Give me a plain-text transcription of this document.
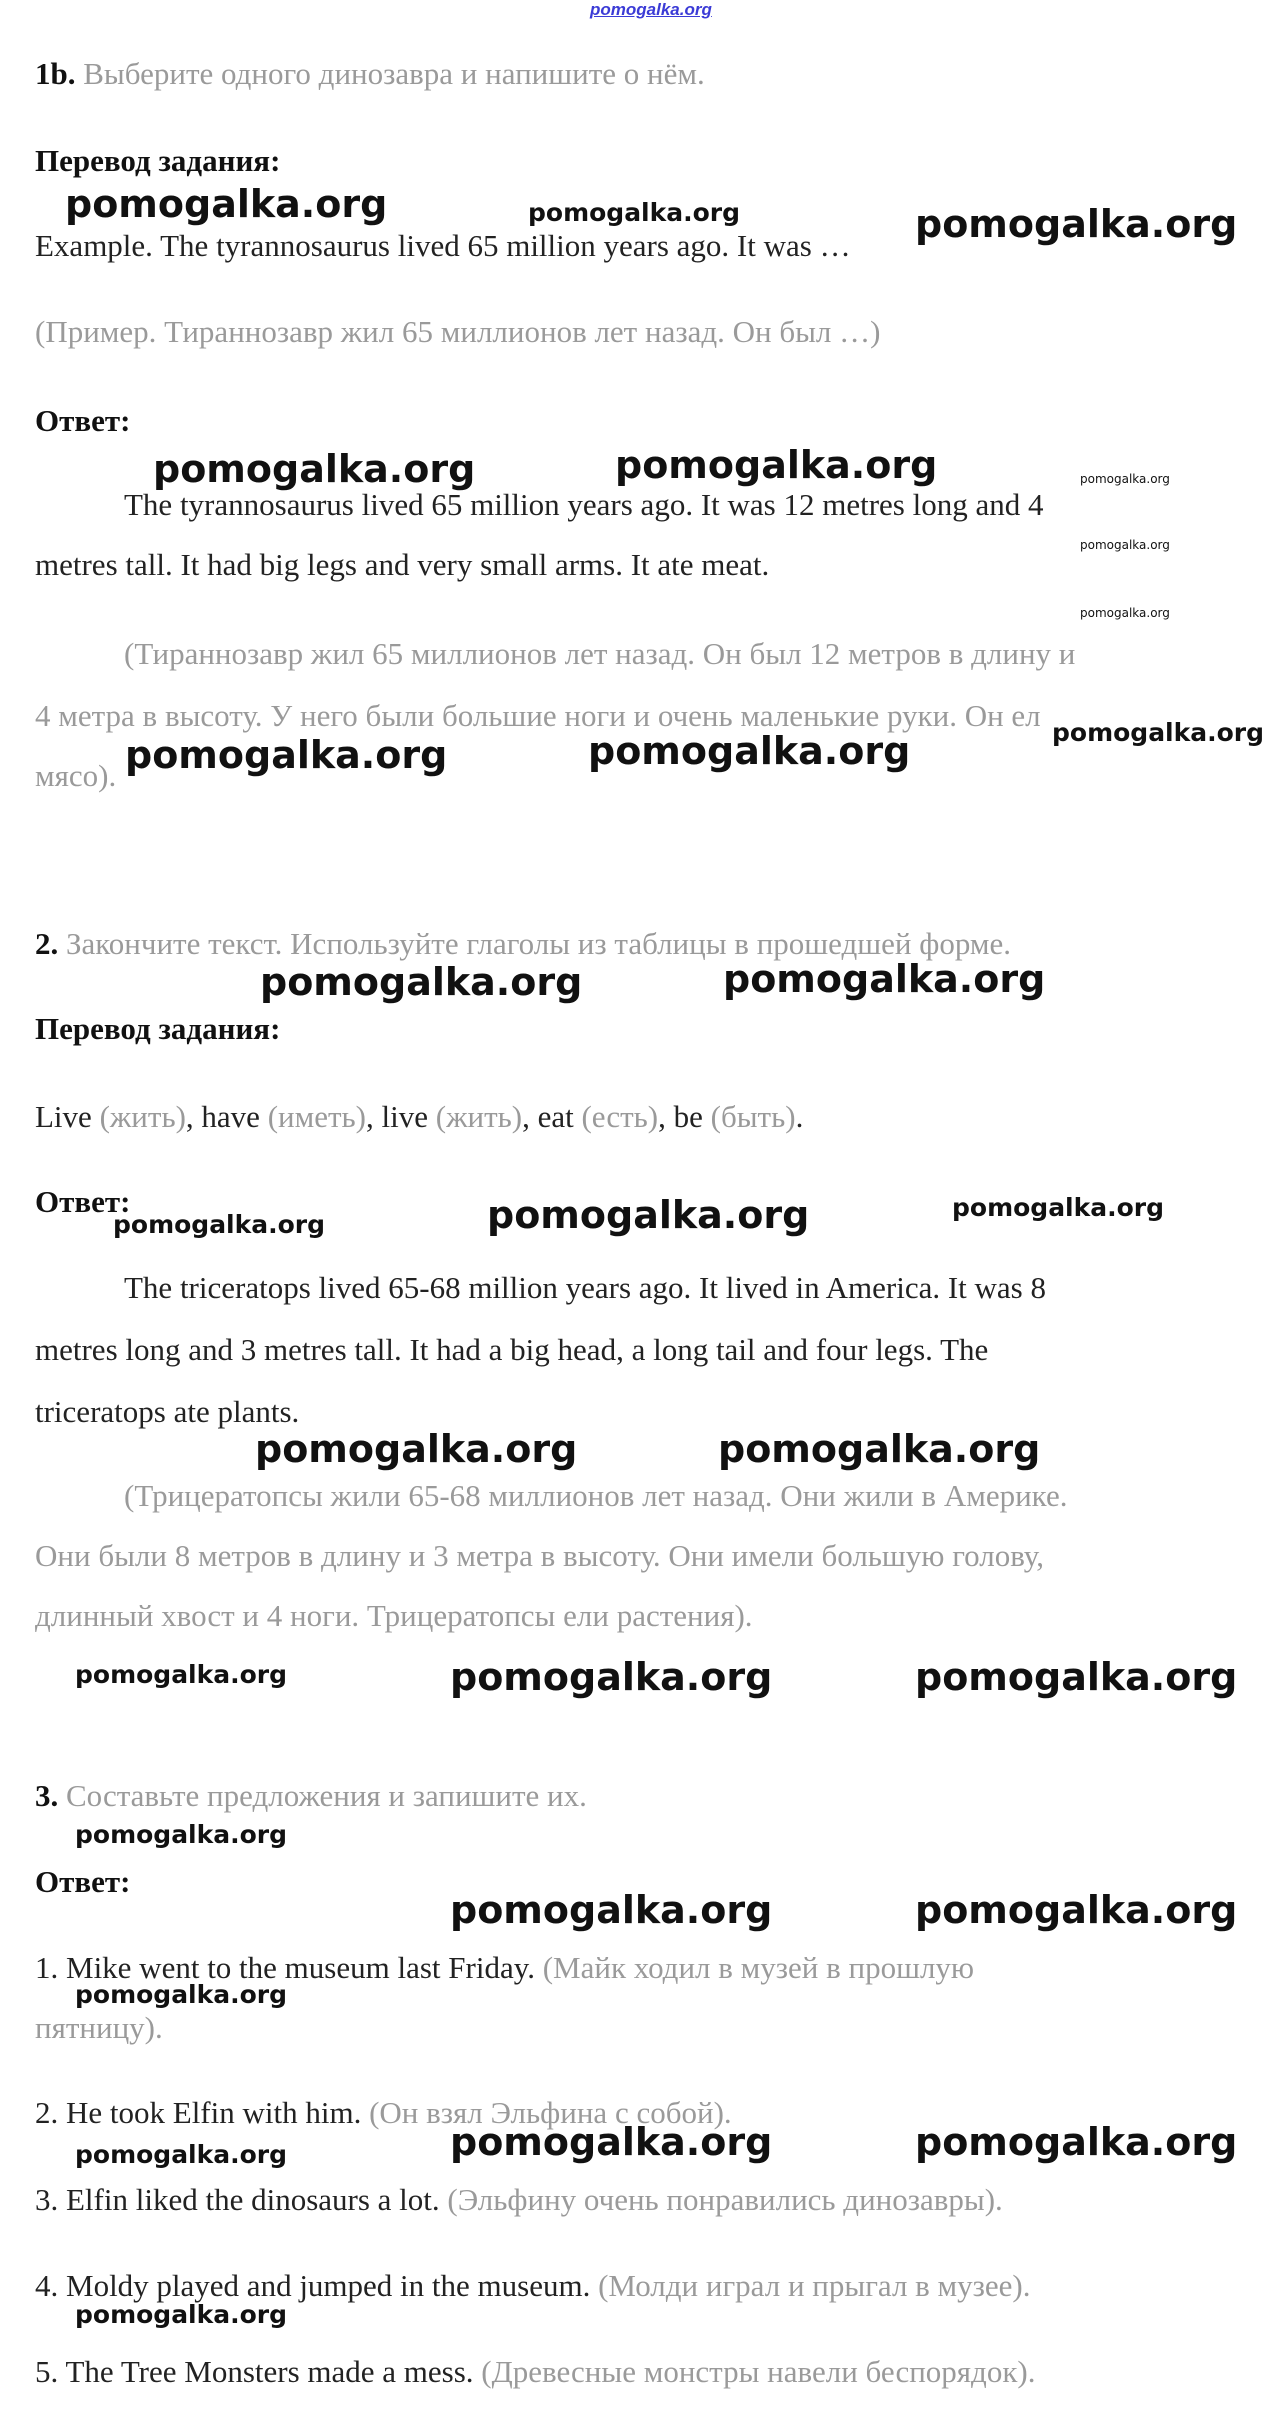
pomogalka.org
1b. Выберите одного динозавра и напишите о нём.
Перевод задания:
Example. The tyrannosaurus lived 65 million years ago. It was …
(Пример. Тираннозавр жил 65 миллионов лет назад. Он был …)
Ответ:
The tyrannosaurus lived 65 million years ago. It was 12 metres long and 4
metres tall. It had big legs and very small arms. It ate meat.
(Тираннозавр жил 65 миллионов лет назад. Он был 12 метров в длину и
4 метра в высоту. У него были большие ноги и очень маленькие руки. Он ел
мясо).
2. Закончите текст. Используйте глаголы из таблицы в прошедшей форме.
Перевод задания:
Live (жить), have (иметь), live (жить), eat (есть), be (быть).
Ответ:
The triceratops lived 65-68 million years ago. It lived in America. It was 8
metres long and 3 metres tall. It had a big head, a long tail and four legs. The
triceratops ate plants.
(Трицератопсы жили 65-68 миллионов лет назад. Они жили в Америке.
Они были 8 метров в длину и 3 метра в высоту. Они имели большую голову,
длинный хвост и 4 ноги. Трицератопсы ели растения).
3. Составьте предложения и запишите их.
Ответ:
1. Mike went to the museum last Friday. (Майк ходил в музей в прошлую
пятницу).
2. He took Elfin with him. (Он взял Эльфина с собой).
3. Elfin liked the dinosaurs a lot. (Эльфину очень понравились динозавры).
4. Moldy played and jumped in the museum. (Молди играл и прыгал в музее).
5. The Tree Monsters made a mess. (Древесные монстры навели беспорядок).
pomogalka.org	pomogalka.org	pomogalka.org
pomogalka.org	pomogalka.org	pomogalka.org
pomogalka.org
pomogalka.org
pomogalka.org
pomogalka.org	pomogalka.org
pomogalka.org	pomogalka.org
pomogalka.org	pomogalka.org	pomogalka.org
pomogalka.org	pomogalka.org
pomogalka.org	pomogalka.org	pomogalka.org
pomogalka.org
pomogalka.org	pomogalka.org
pomogalka.org
pomogalka.org	pomogalka.org	pomogalka.org
pomogalka.org
